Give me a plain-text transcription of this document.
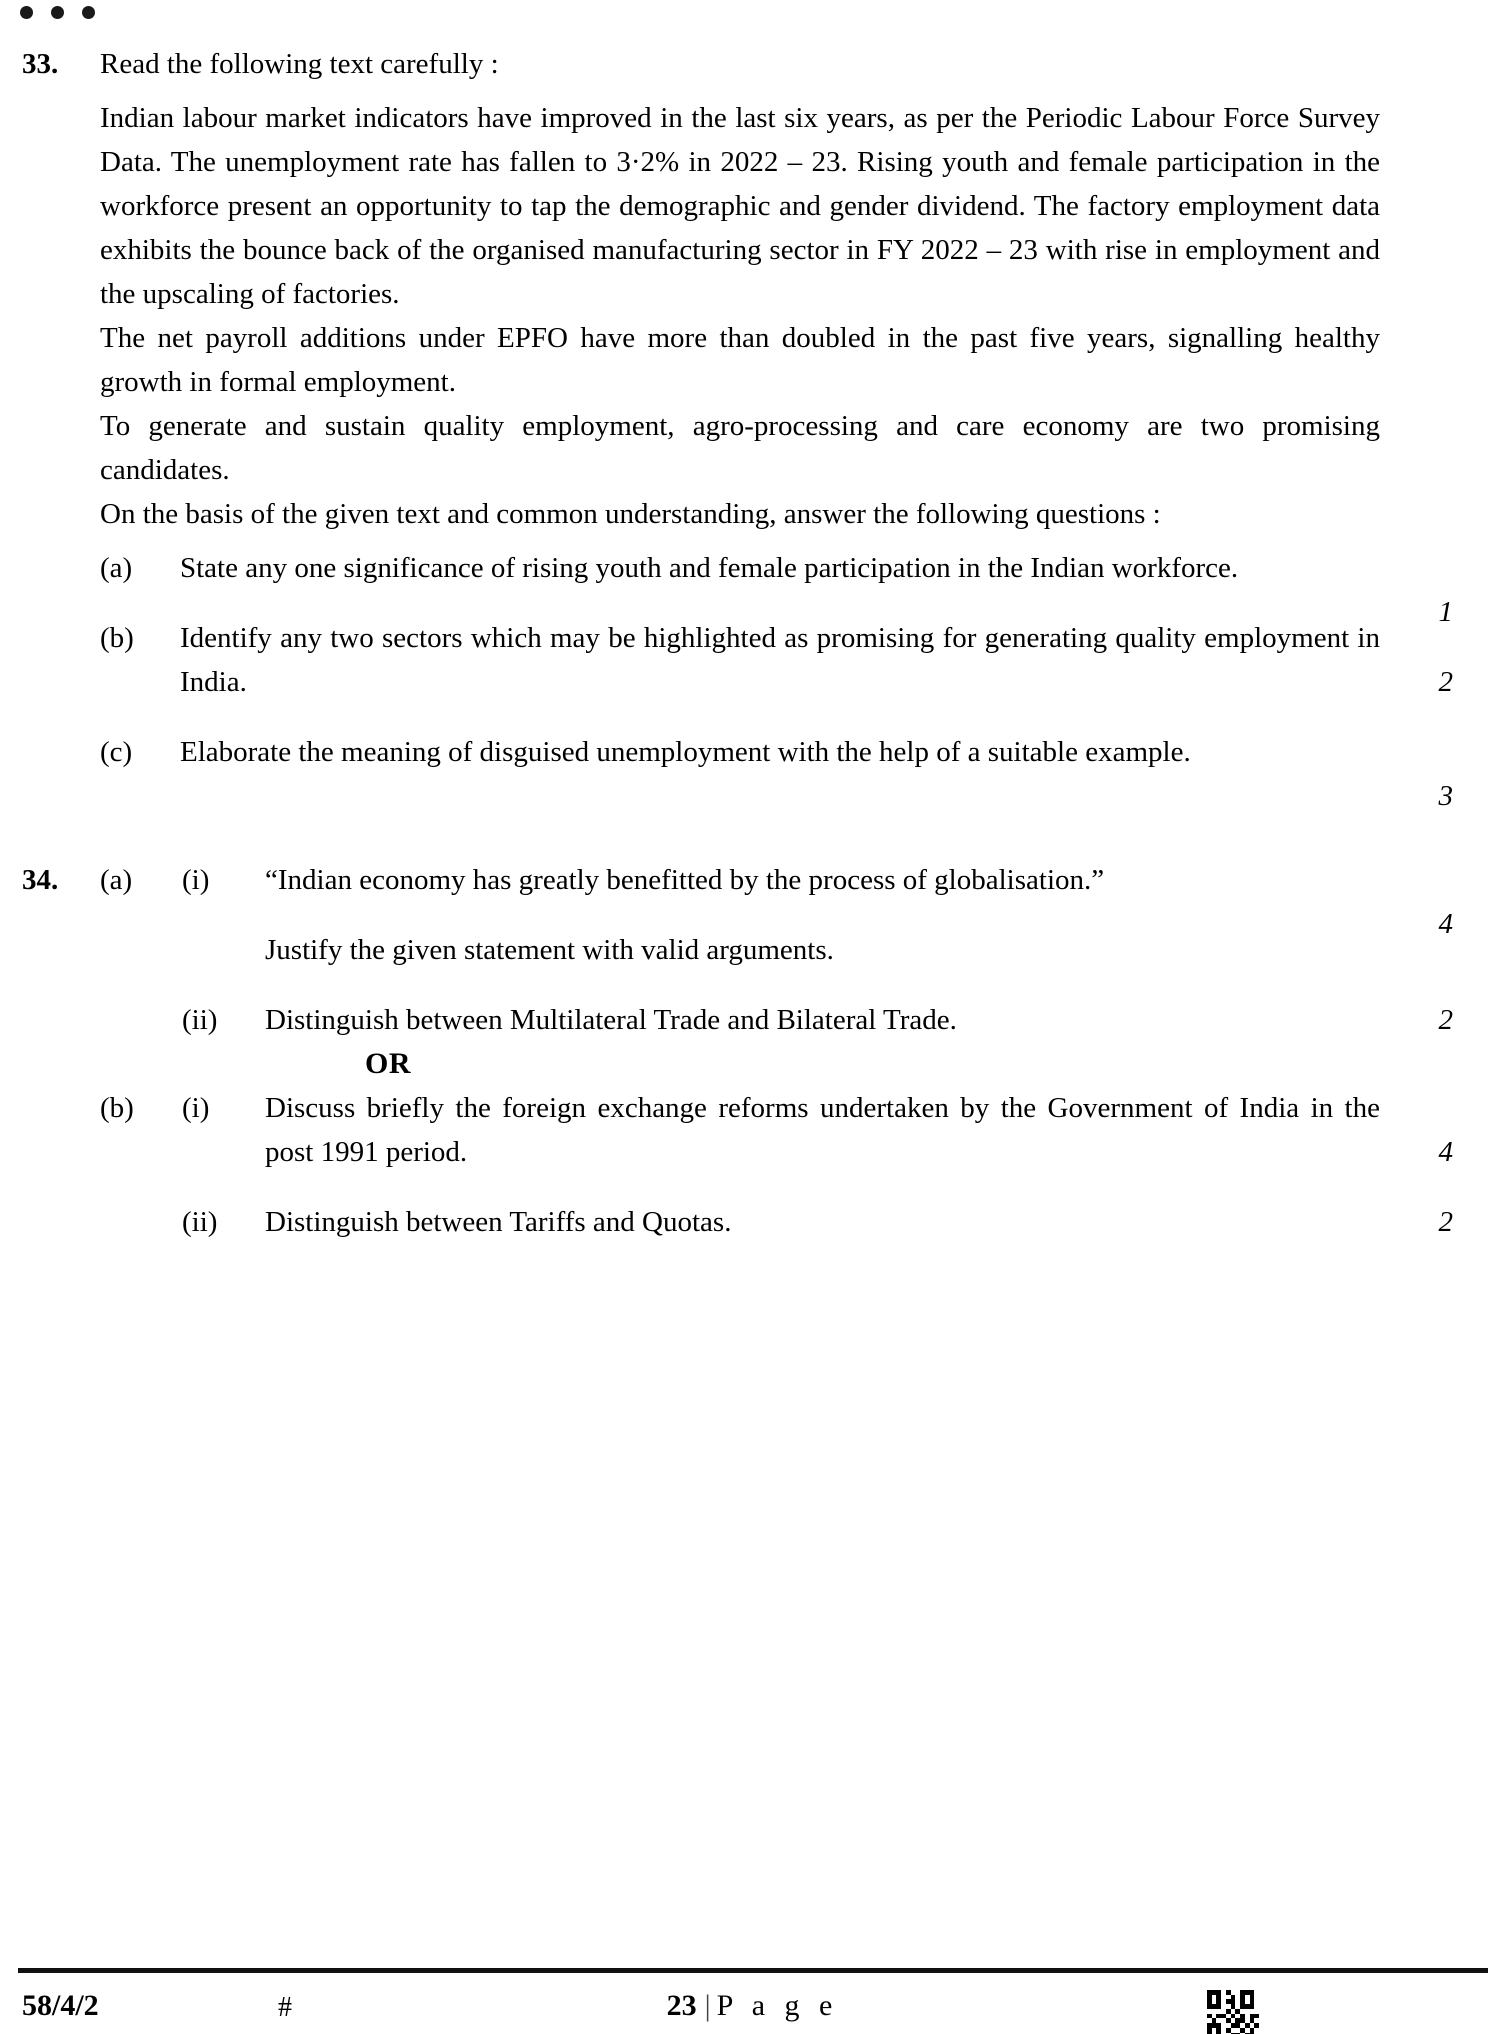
33. Read the following text carefully :
Indian labour market indicators have improved in the last six years, as per the Periodic Labour Force Survey Data. The unemployment rate has fallen to 3·2% in 2022 – 23. Rising youth and female participation in the workforce present an opportunity to tap the demographic and gender dividend. The factory employment data exhibits the bounce back of the organised manufacturing sector in FY 2022 – 23 with rise in employment and the upscaling of factories.
The net payroll additions under EPFO have more than doubled in the past five years, signalling healthy growth in formal employment.
To generate and sustain quality employment, agro-processing and care economy are two promising candidates.
On the basis of the given text and common understanding, answer the following questions :
(a) State any one significance of rising youth and female participation in the Indian workforce.
1
(b) Identify any two sectors which may be highlighted as promising for generating quality employment in India.	2
(c) Elaborate the meaning of disguised unemployment with the help of a suitable example.
3
34. (a) (i) “Indian economy has greatly benefitted by the process of globalisation.”
4
Justify the given statement with valid arguments.
(ii) Distinguish between Multilateral Trade and Bilateral Trade.	2
OR
(b) (i) Discuss briefly the foreign exchange reforms undertaken by the Government of India in the post 1991 period.	4
(ii) Distinguish between Tariffs and Quotas.	2
58/4/2	#	23 | P a g e
